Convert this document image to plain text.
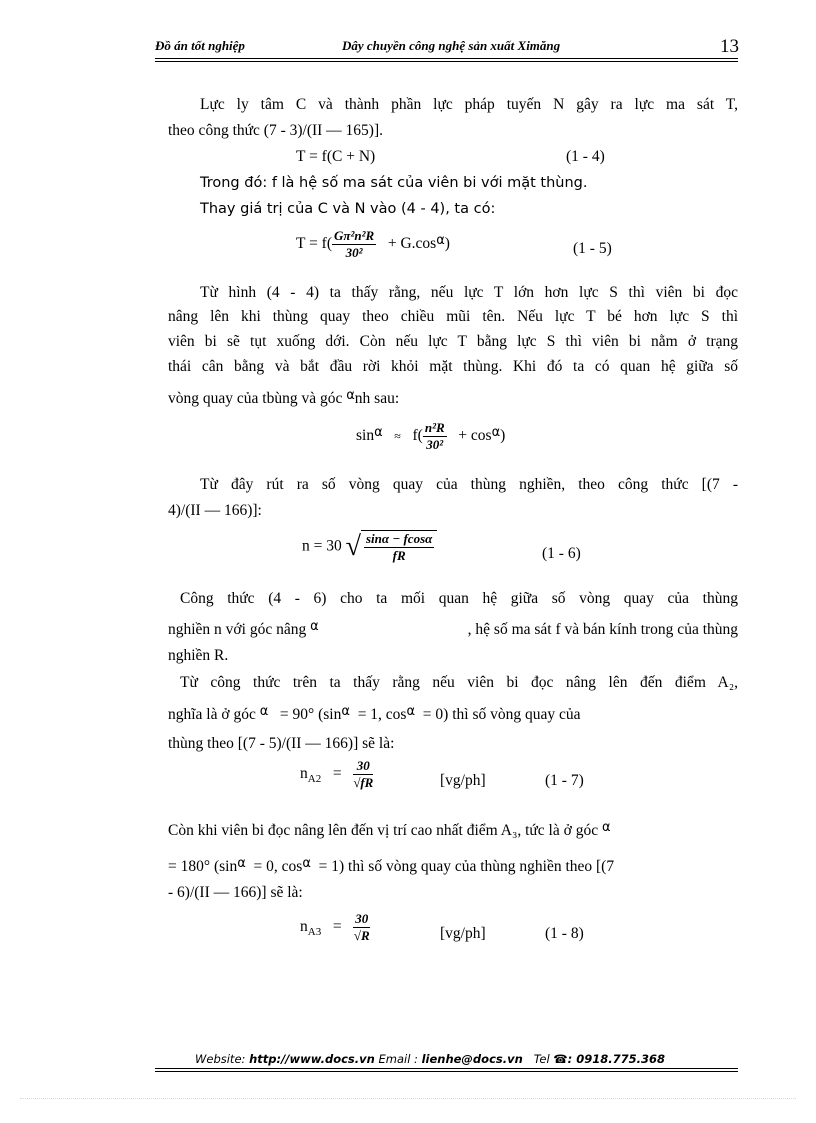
Đồ án tốt nghiệp	Dây chuyền công nghệ sản xuất Ximăng	13
Lực ly tâm C và thành phần lực pháp tuyến N gây ra lực ma sát T,
theo công thức (7 - 3)/(II — 165)].
T = f(C + N)	(1 - 4)
Trong đó: f là hệ số ma sát của viên bi với mặt thùng.
Thay giá trị của C và N vào (4 - 4), ta có:
$T = f( \frac{\text{Gπ²n²R}}{\text{30²}} + G.\cos^\alpha)$	(1 - 5)
Từ hình (4 - 4) ta thấy rằng, nếu lực T lớn hơn lực S thì viên bi đọc
nâng lên khi thùng quay theo chiều mũi tên. Nếu lực T bé hơn lực S thì
viên bi sẽ tụt xuống dới. Còn nếu lực T bằng lực S thì viên bi nằm ở trạng
thái cân bằng và bắt đầu rời khỏi mặt thùng. Khi đó ta có quan hệ giữa số
vòng quay của tbùng và góc $^\alpha$nh sau:
$\sin^\alpha \approx f( \frac{\text{n²R}}{\text{30²}} + \cos^\alpha)$
Từ đây rút ra số vòng quay của thùng nghiền, theo công thức [(7 -
4)/(II — 166)]:
n = 30 √ $\frac{\sin\alpha - fcos\alpha}{fR}$	(1 - 6)
Công thức (4 - 6) cho ta mối quan hệ giữa số vòng quay của thùng
nghiền n với góc nâng $^\alpha$	, hệ số ma sát f và bán kính trong của thùng
nghiền R.
Từ công thức trên ta thấy rằng nếu viên bi đọc nâng lên đến điểm A₂,
nghĩa là ở góc $^\alpha$ = 90° ($\sin^\alpha = 1$, $\cos^\alpha = 0$) thì số vòng quay của
thùng theo [(7 - 5)/(II — 166)] sẽ là:
$n_{A2} = \frac{30}{√fR}$	[vg/ph]	(1 - 7)
Còn khi viên bi đọc nâng lên đến vị trí cao nhất điểm A₃, tức là ở góc $^\alpha$
= 180° ($\sin^\alpha = 0$, $\cos^\alpha = 1$) thì số vòng quay của thùng nghiền theo [(7
- 6)/(II — 166)] sẽ là:
$n_{A3} = \frac{30}{√R}$	[vg/ph]	(1 - 8)
Website: http://www.docs.vn Email : lienhe@docs.vn Tel ☎: 0918.775.368
